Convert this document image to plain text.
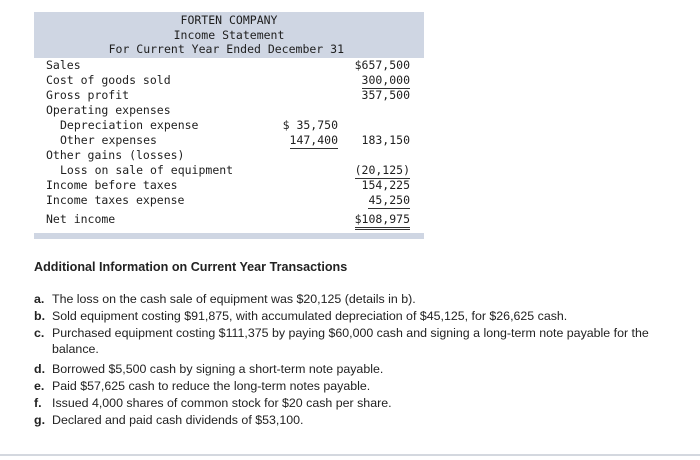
FORTEN COMPANY
Income Statement
For Current Year Ended December 31
Sales	$657,500
Cost of goods sold	300,000
Gross profit	357,500
Operating expenses
Depreciation expense	$ 35,750
Other expenses	147,400 183,150
Other gains (losses)
Loss on sale of equipment	(20,125)
Income before taxes	154,225
Income taxes expense	45,250
Net income	$108,975
Additional Information on Current Year Transactions
a. The loss on the cash sale of equipment was $20,125 (details in b).
b. Sold equipment costing $91,875, with accumulated depreciation of $45,125, for $26,625 cash.
c. Purchased equipment costing $111,375 by paying $60,000 cash and signing a long-term note payable for the balance.
d. Borrowed $5,500 cash by signing a short-term note payable.
e. Paid $57,625 cash to reduce the long-term notes payable.
f. Issued 4,000 shares of common stock for $20 cash per share.
g. Declared and paid cash dividends of $53,100.
